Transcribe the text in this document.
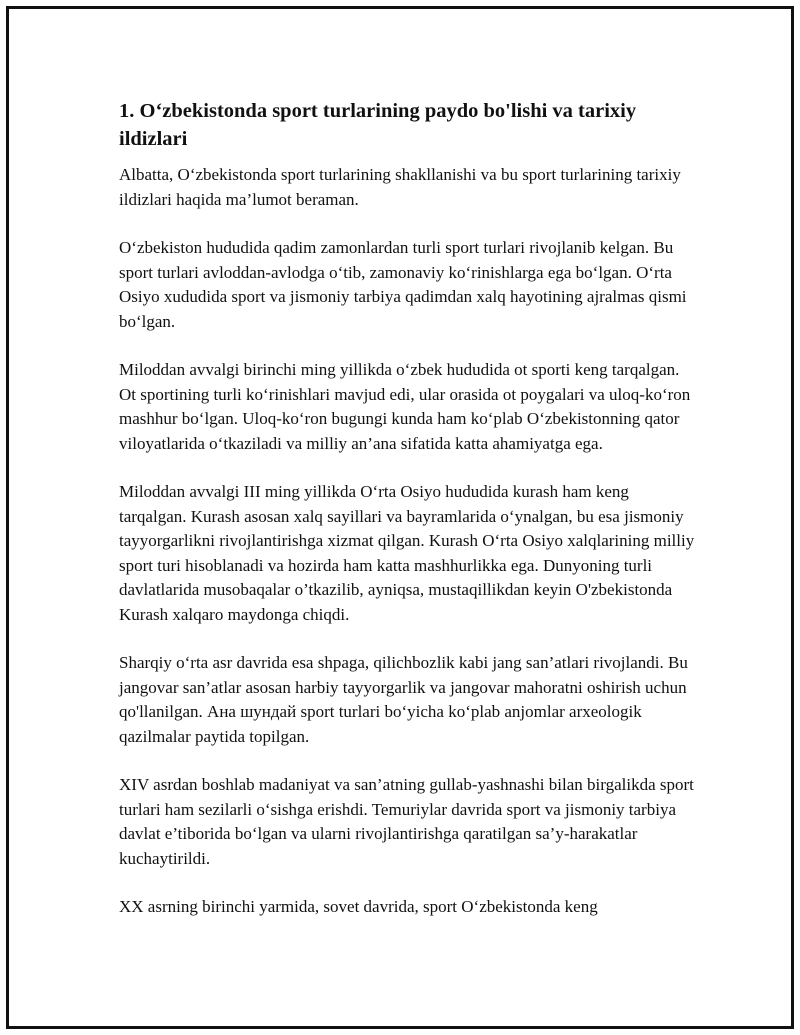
1. O‘zbekistonda sport turlarining paydo bo'lishi va tarixiy ildizlari

Albatta, O‘zbekistonda sport turlarining shakllanishi va bu sport turlarining tarixiy ildizlari haqida ma’lumot beraman.

O‘zbekiston hududida qadim zamonlardan turli sport turlari rivojlanib kelgan. Bu sport turlari avloddan-avlodga o‘tib, zamonaviy ko‘rinishlarga ega bo‘lgan. O‘rta Osiyo xududida sport va jismoniy tarbiya qadimdan xalq hayotining ajralmas qismi bo‘lgan.

Miloddan avvalgi birinchi ming yillikda o‘zbek hududida ot sporti keng tarqalgan. Ot sportining turli ko‘rinishlari mavjud edi, ular orasida ot poygalari va uloq-ko‘ron mashhur bo‘lgan. Uloq-ko‘ron bugungi kunda ham ko‘plab O‘zbekistonning qator viloyatlarida o‘tkaziladi va milliy an’ana sifatida katta ahamiyatga ega.

Miloddan avvalgi III ming yillikda O‘rta Osiyo hududida kurash ham keng tarqalgan. Kurash asosan xalq sayillari va bayramlarida o‘ynalgan, bu esa jismoniy tayyorgarlikni rivojlantirishga xizmat qilgan. Kurash O‘rta Osiyo xalqlarining milliy sport turi hisoblanadi va hozirda ham katta mashhurlikka ega. Dunyoning turli davlatlarida musobaqalar o’tkazilib, ayniqsa, mustaqillikdan keyin O'zbekistonda Kurash xalqaro maydonga chiqdi.

Sharqiy o‘rta asr davrida esa shpaga, qilichbozlik kabi jang san’atlari rivojlandi. Bu jangovar san’atlar asosan harbiy tayyorgarlik va jangovar mahoratni oshirish uchun qo'llanilgan. Ана шундай sport turlari bo‘yicha ko‘plab anjomlar arxeologik qazilmalar paytida topilgan.

XIV asrdan boshlab madaniyat va san’atning gullab-yashnashi bilan birgalikda sport turlari ham sezilarli o‘sishga erishdi. Temuriylar davrida sport va jismoniy tarbiya davlat e’tiborida bo‘lgan va ularni rivojlantirishga qaratilgan sa’y-harakatlar kuchaytirildi.

XX asrning birinchi yarmida, sovet davrida, sport O‘zbekistonda keng
